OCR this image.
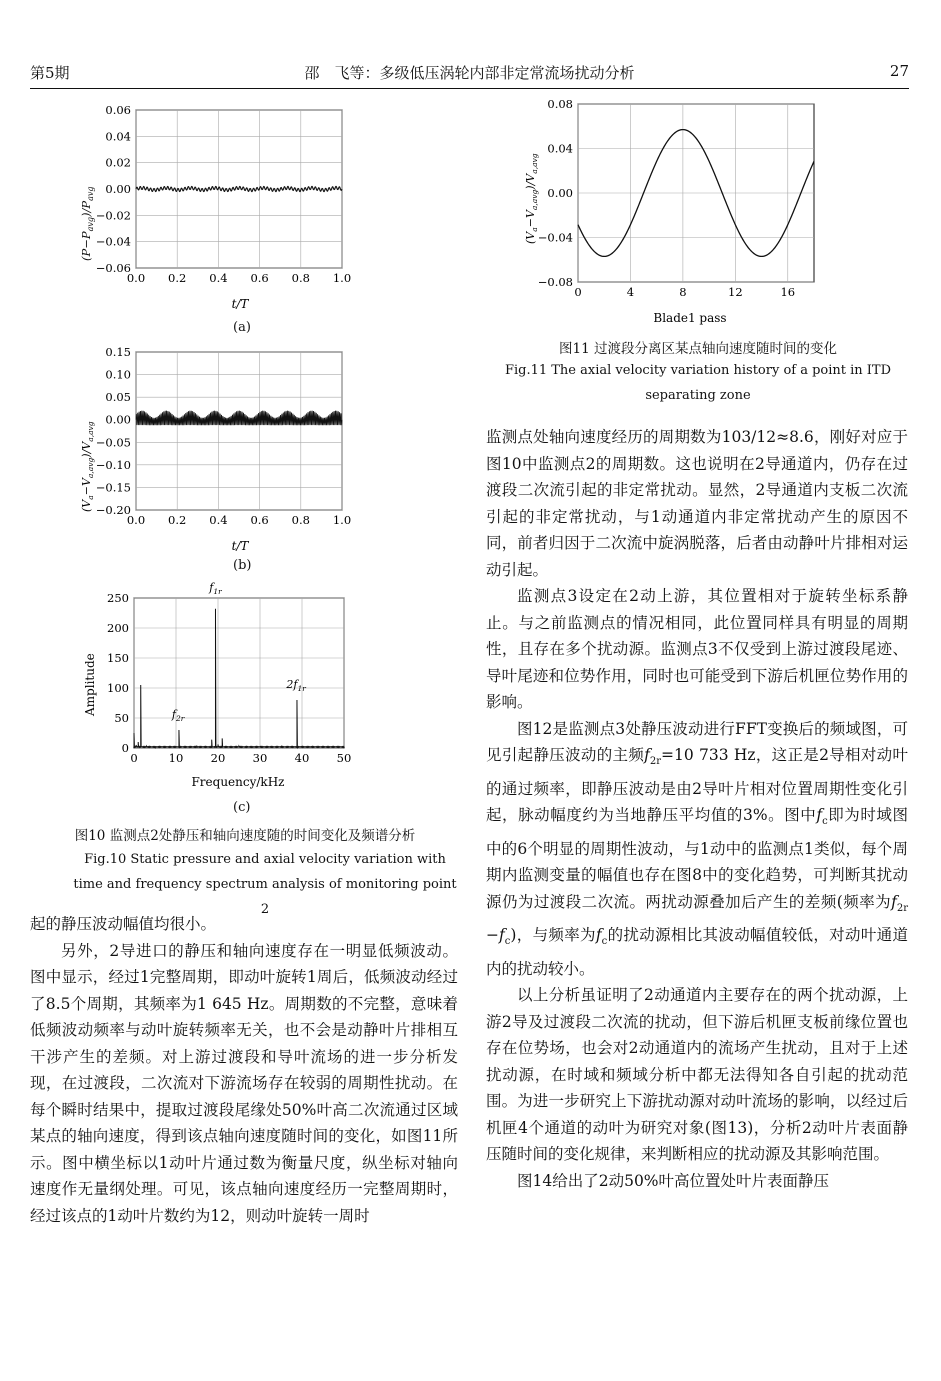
第5期	邵　飞等：多级低压涡轮内部非定常流场扰动分析	27
$(P-P_{avg})/P_{avg}$
0.0 0.2 0.4 0.6 0.8 1.0
0.06
0.04
0.02
0.00
−0.02
−0.04
−0.06
t/T
(a)
$(V_a-V_{a,avg})/V_{a,avg}$
0.0 0.2 0.4 0.6 0.8 1.0
0.15
0.10
0.05
0.00
−0.05
−0.10
−0.15
−0.20
t/T
(b)
Amplitude
0	10 20 30 40 50
250
200
150
100
50
0
$f_{1r}$
$2f_{1r}$
$f_{2r}$
Frequency/kHz
(c)
图10 监测点2处静压和轴向速度随的时间变化及频谱分析
Fig.10 Static pressure and axial velocity variation with time and frequency spectrum analysis of monitoring point 2
$(V_a-V_{a,avg})/V_{a,avg}$
0.08
0.04
0.00
−0.04
−0.08
0	4	8	12	16
Blade1 pass
图11 过渡段分离区某点轴向速度随时间的变化
Fig.11 The axial velocity variation history of a point in ITD separating zone

起的静压波动幅值均很小。

另外，2导进口的静压和轴向速度存在一明显低频波动。图中显示，经过1完整周期，即动叶旋转1周后，低频波动经过了8.5个周期，其频率为1 645 Hz。周期数的不完整，意味着低频波动频率与动叶旋转频率无关，也不会是动静叶片排相互干涉产生的差频。对上游过渡段和导叶流场的进一步分析发现，在过渡段，二次流对下游流场存在较弱的周期性扰动。在每个瞬时结果中，提取过渡段尾缘处50%叶高二次流通过区域某点的轴向速度，得到该点轴向速度随时间的变化，如图11所示。图中横坐标以1动叶片通过数为衡量尺度，纵坐标对轴向速度作无量纲处理。可见，该点轴向速度经历一完整周期时，经过该点的1动叶片数约为12，则动叶旋转一周时

监测点处轴向速度经历的周期数为103/12≈8.6，刚好对应于图10中监测点2的周期数。这也说明在2导通道内，仍存在过渡段二次流引起的非定常扰动。显然，2导通道内支板二次流引起的非定常扰动，与1动通道内非定常扰动产生的原因不同，前者归因于二次流中旋涡脱落，后者由动静叶片排相对运动引起。

监测点3设定在2动上游，其位置相对于旋转坐标系静止。与之前监测点的情况相同，此位置同样具有明显的周期性，且存在多个扰动源。监测点3不仅受到上游过渡段尾迹、导叶尾迹和位势作用，同时也可能受到下游后机匣位势作用的影响。

图12是监测点3处静压波动进行FFT变换后的频域图，可见引起静压波动的主频$f_{2r}=10$ 733 Hz，这正是2导相对动叶的通过频率，即静压波动是由2导叶片相对位置周期性变化引起，脉动幅度约为当地静压平均值的3%。图中$f_c$即为时域图中的6个明显的周期性波动，与1动中的监测点1类似，每个周期内监测变量的幅值也存在图8中的变化趋势，可判断其扰动源仍为过渡段二次流。两扰动源叠加后产生的差频(频率为$f_{2r} -f_c$)，与频率为$f_c$的扰动源相比其波动幅值较低，对动叶通道内的扰动较小。

以上分析虽证明了2动通道内主要存在的两个扰动源，上游2导及过渡段二次流的扰动，但下游后机匣支板前缘位置也存在位势场，也会对2动通道内的流场产生扰动，且对于上述扰动源，在时域和频域分析中都无法得知各自引起的扰动范围。为进一步研究上下游扰动源对动叶流场的影响，以经过后机匣4个通道的动叶为研究对象(图13)，分析2动叶片表面静压随时间的变化规律，来判断相应的扰动源及其影响范围。

图14给出了2动50%叶高位置处叶片表面静压
